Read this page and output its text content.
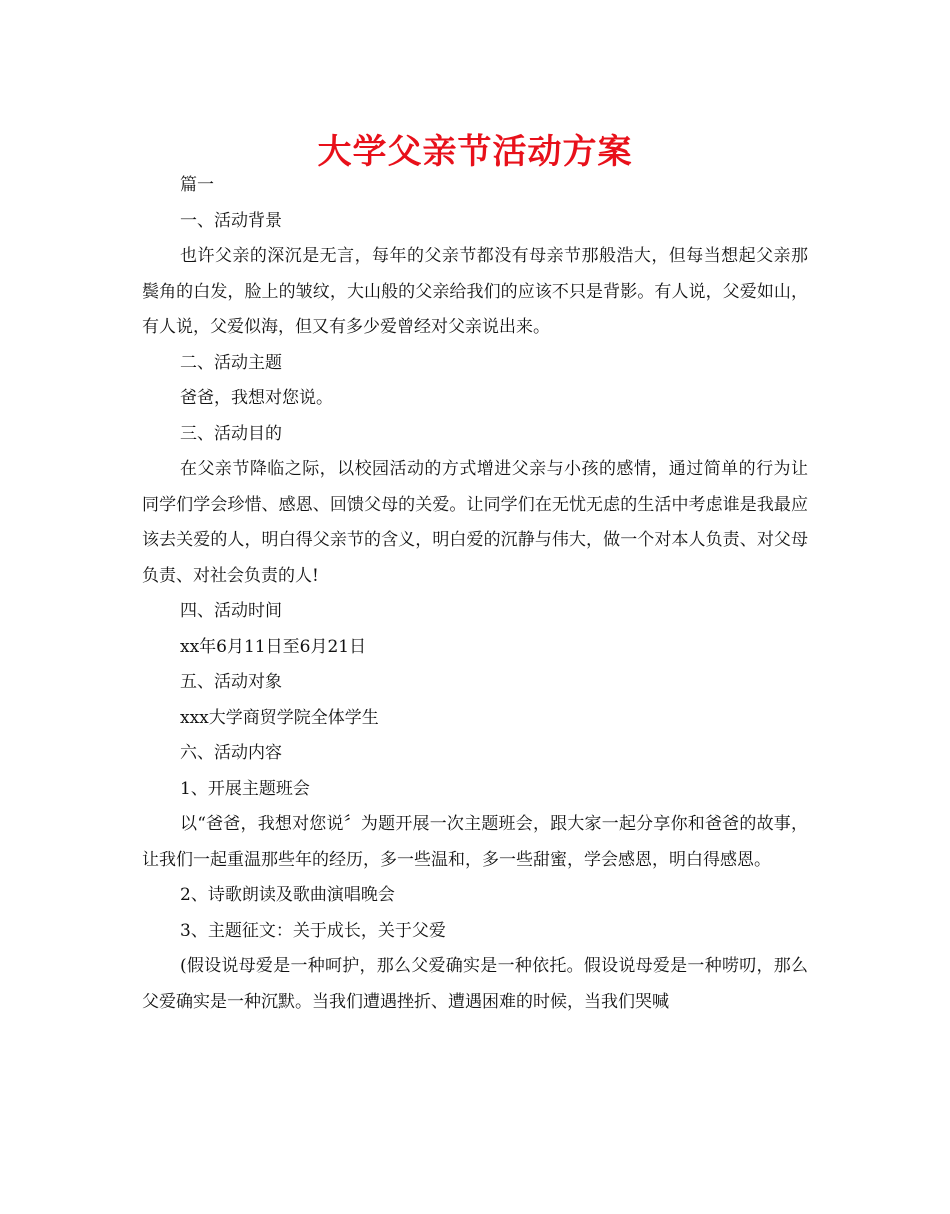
大学父亲节活动方案

篇一

一、活动背景

也许父亲的深沉是无言，每年的父亲节都没有母亲节那般浩大，但每当想起父亲那鬓角的白发，脸上的皱纹，大山般的父亲给我们的应该不只是背影。有人说，父爱如山，有人说，父爱似海，但又有多少爱曾经对父亲说出来。

二、活动主题

爸爸，我想对您说。

三、活动目的

在父亲节降临之际，以校园活动的方式增进父亲与小孩的感情，通过简单的行为让同学们学会珍惜、感恩、回馈父母的关爱。让同学们在无忧无虑的生活中考虑谁是我最应该去关爱的人，明白得父亲节的含义，明白爱的沉静与伟大，做一个对本人负责、对父母负责、对社会负责的人!

四、活动时间

xx年6月11日至6月21日

五、活动对象

xxx大学商贸学院全体学生

六、活动内容

1、开展主题班会

以“爸爸，我想对您说〞为题开展一次主题班会，跟大家一起分享你和爸爸的故事，让我们一起重温那些年的经历，多一些温和，多一些甜蜜，学会感恩，明白得感恩。

2、诗歌朗读及歌曲演唱晚会

3、主题征文：关于成长，关于父爱

(假设说母爱是一种呵护，那么父爱确实是一种依托。假设说母爱是一种唠叨，那么父爱确实是一种沉默。当我们遭遇挫折、遭遇困难的时候，当我们哭喊
